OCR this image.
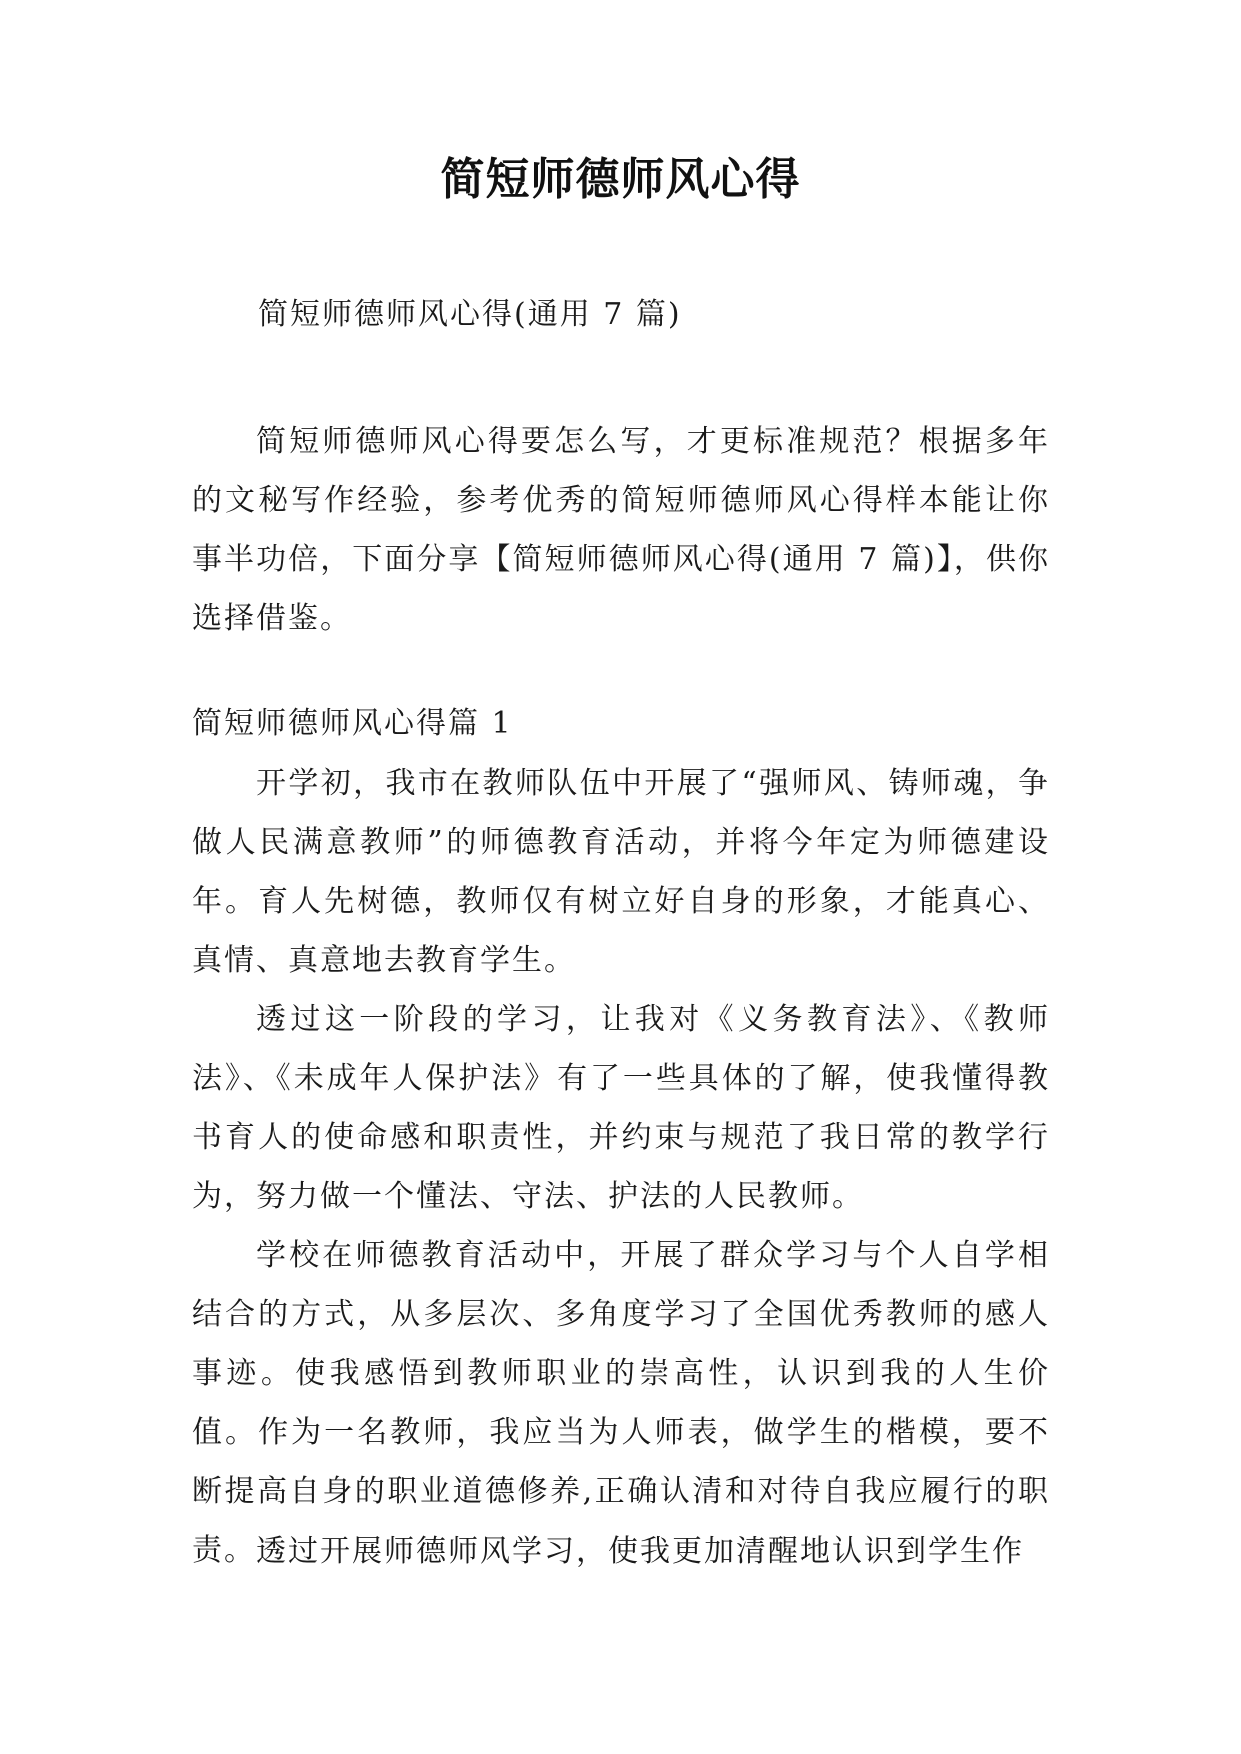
简短师德师风心得
简短师德师风心得(通用 7 篇)
简短师德师风心得要怎么写，才更标准规范？根据多年的文秘写作经验，参考优秀的简短师德师风心得样本能让你事半功倍，下面分享【简短师德师风心得(通用 7 篇)】，供你选择借鉴。
简短师德师风心得篇 1
开学初，我市在教师队伍中开展了“强师风、铸师魂，争做人民满意教师”的师德教育活动，并将今年定为师德建设年。育人先树德，教师仅有树立好自身的形象，才能真心、真情、真意地去教育学生。
透过这一阶段的学习，让我对《义务教育法》、《教师法》、《未成年人保护法》有了一些具体的了解，使我懂得教书育人的使命感和职责性，并约束与规范了我日常的教学行为，努力做一个懂法、守法、护法的人民教师。
学校在师德教育活动中，开展了群众学习与个人自学相结合的方式，从多层次、多角度学习了全国优秀教师的感人事迹。使我感悟到教师职业的崇高性，认识到我的人生价值。作为一名教师，我应当为人师表，做学生的楷模，要不断提高自身的职业道德修养,正确认清和对待自我应履行的职责。 透过开展师德师风学习，使我更加清醒地认识到学生作
